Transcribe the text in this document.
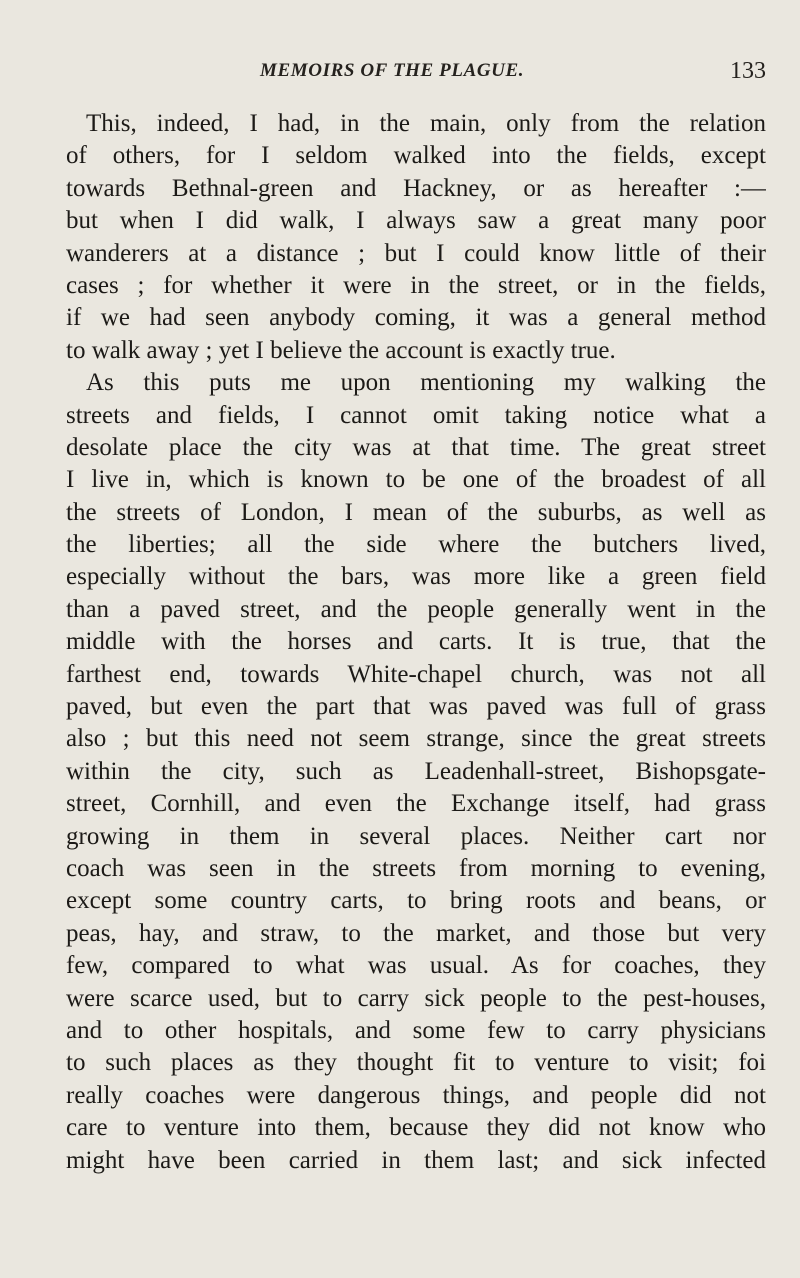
MEMOIRS OF THE PLAGUE.	133
This, indeed, I had, in the main, only from the relation
of others, for I seldom walked into the fields, except
towards Bethnal-green and Hackney, or as hereafter :—
but when I did walk, I always saw a great many poor
wanderers at a distance ; but I could know little of their
cases ; for whether it were in the street, or in the fields,
if we had seen anybody coming, it was a general method
to walk away ; yet I believe the account is exactly true.
As this puts me upon mentioning my walking the
streets and fields, I cannot omit taking notice what a
desolate place the city was at that time. The great street
I live in, which is known to be one of the broadest of all
the streets of London, I mean of the suburbs, as well as
the liberties; all the side where the butchers lived,
especially without the bars, was more like a green field
than a paved street, and the people generally went in the
middle with the horses and carts. It is true, that the
farthest end, towards White-chapel church, was not all
paved, but even the part that was paved was full of grass
also ; but this need not seem strange, since the great streets
within the city, such as Leadenhall-street, Bishopsgate-
street, Cornhill, and even the Exchange itself, had grass
growing in them in several places. Neither cart nor
coach was seen in the streets from morning to evening,
except some country carts, to bring roots and beans, or
peas, hay, and straw, to the market, and those but very
few, compared to what was usual. As for coaches, they
were scarce used, but to carry sick people to the pest-houses,
and to other hospitals, and some few to carry physicians
to such places as they thought fit to venture to visit; foi
really coaches were dangerous things, and people did not
care to venture into them, because they did not know who
might have been carried in them last; and sick infected
